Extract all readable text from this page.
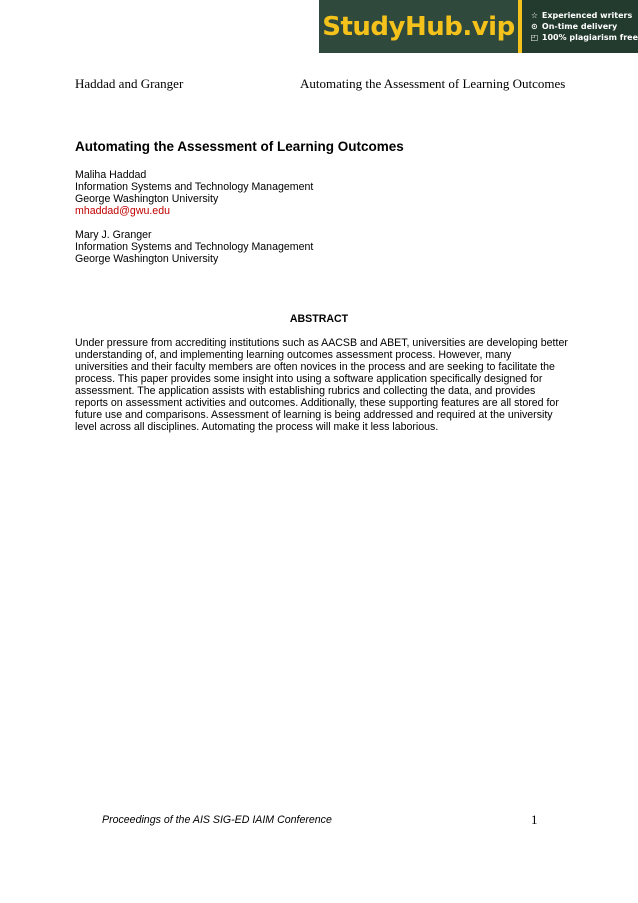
StudyHub.vip ☆ Experienced writers
⊙ On-time delivery
◰ 100% plagiarism free
Haddad and Granger	Automating the Assessment of Learning Outcomes
Automating the Assessment of Learning Outcomes
Maliha Haddad
Information Systems and Technology Management
George Washington University
mhaddad@gwu.edu
Mary J. Granger
Information Systems and Technology Management
George Washington University
ABSTRACT
Under pressure from accrediting institutions such as AACSB and ABET, universities are developing better
understanding of, and implementing learning outcomes assessment process. However, many
universities and their faculty members are often novices in the process and are seeking to facilitate the
process. This paper provides some insight into using a software application specifically designed for
assessment. The application assists with establishing rubrics and collecting the data, and provides
reports on assessment activities and outcomes. Additionally, these supporting features are all stored for
future use and comparisons. Assessment of learning is being addressed and required at the university
level across all disciplines. Automating the process will make it less laborious.
Proceedings of the AIS SIG-ED IAIM Conference	1
